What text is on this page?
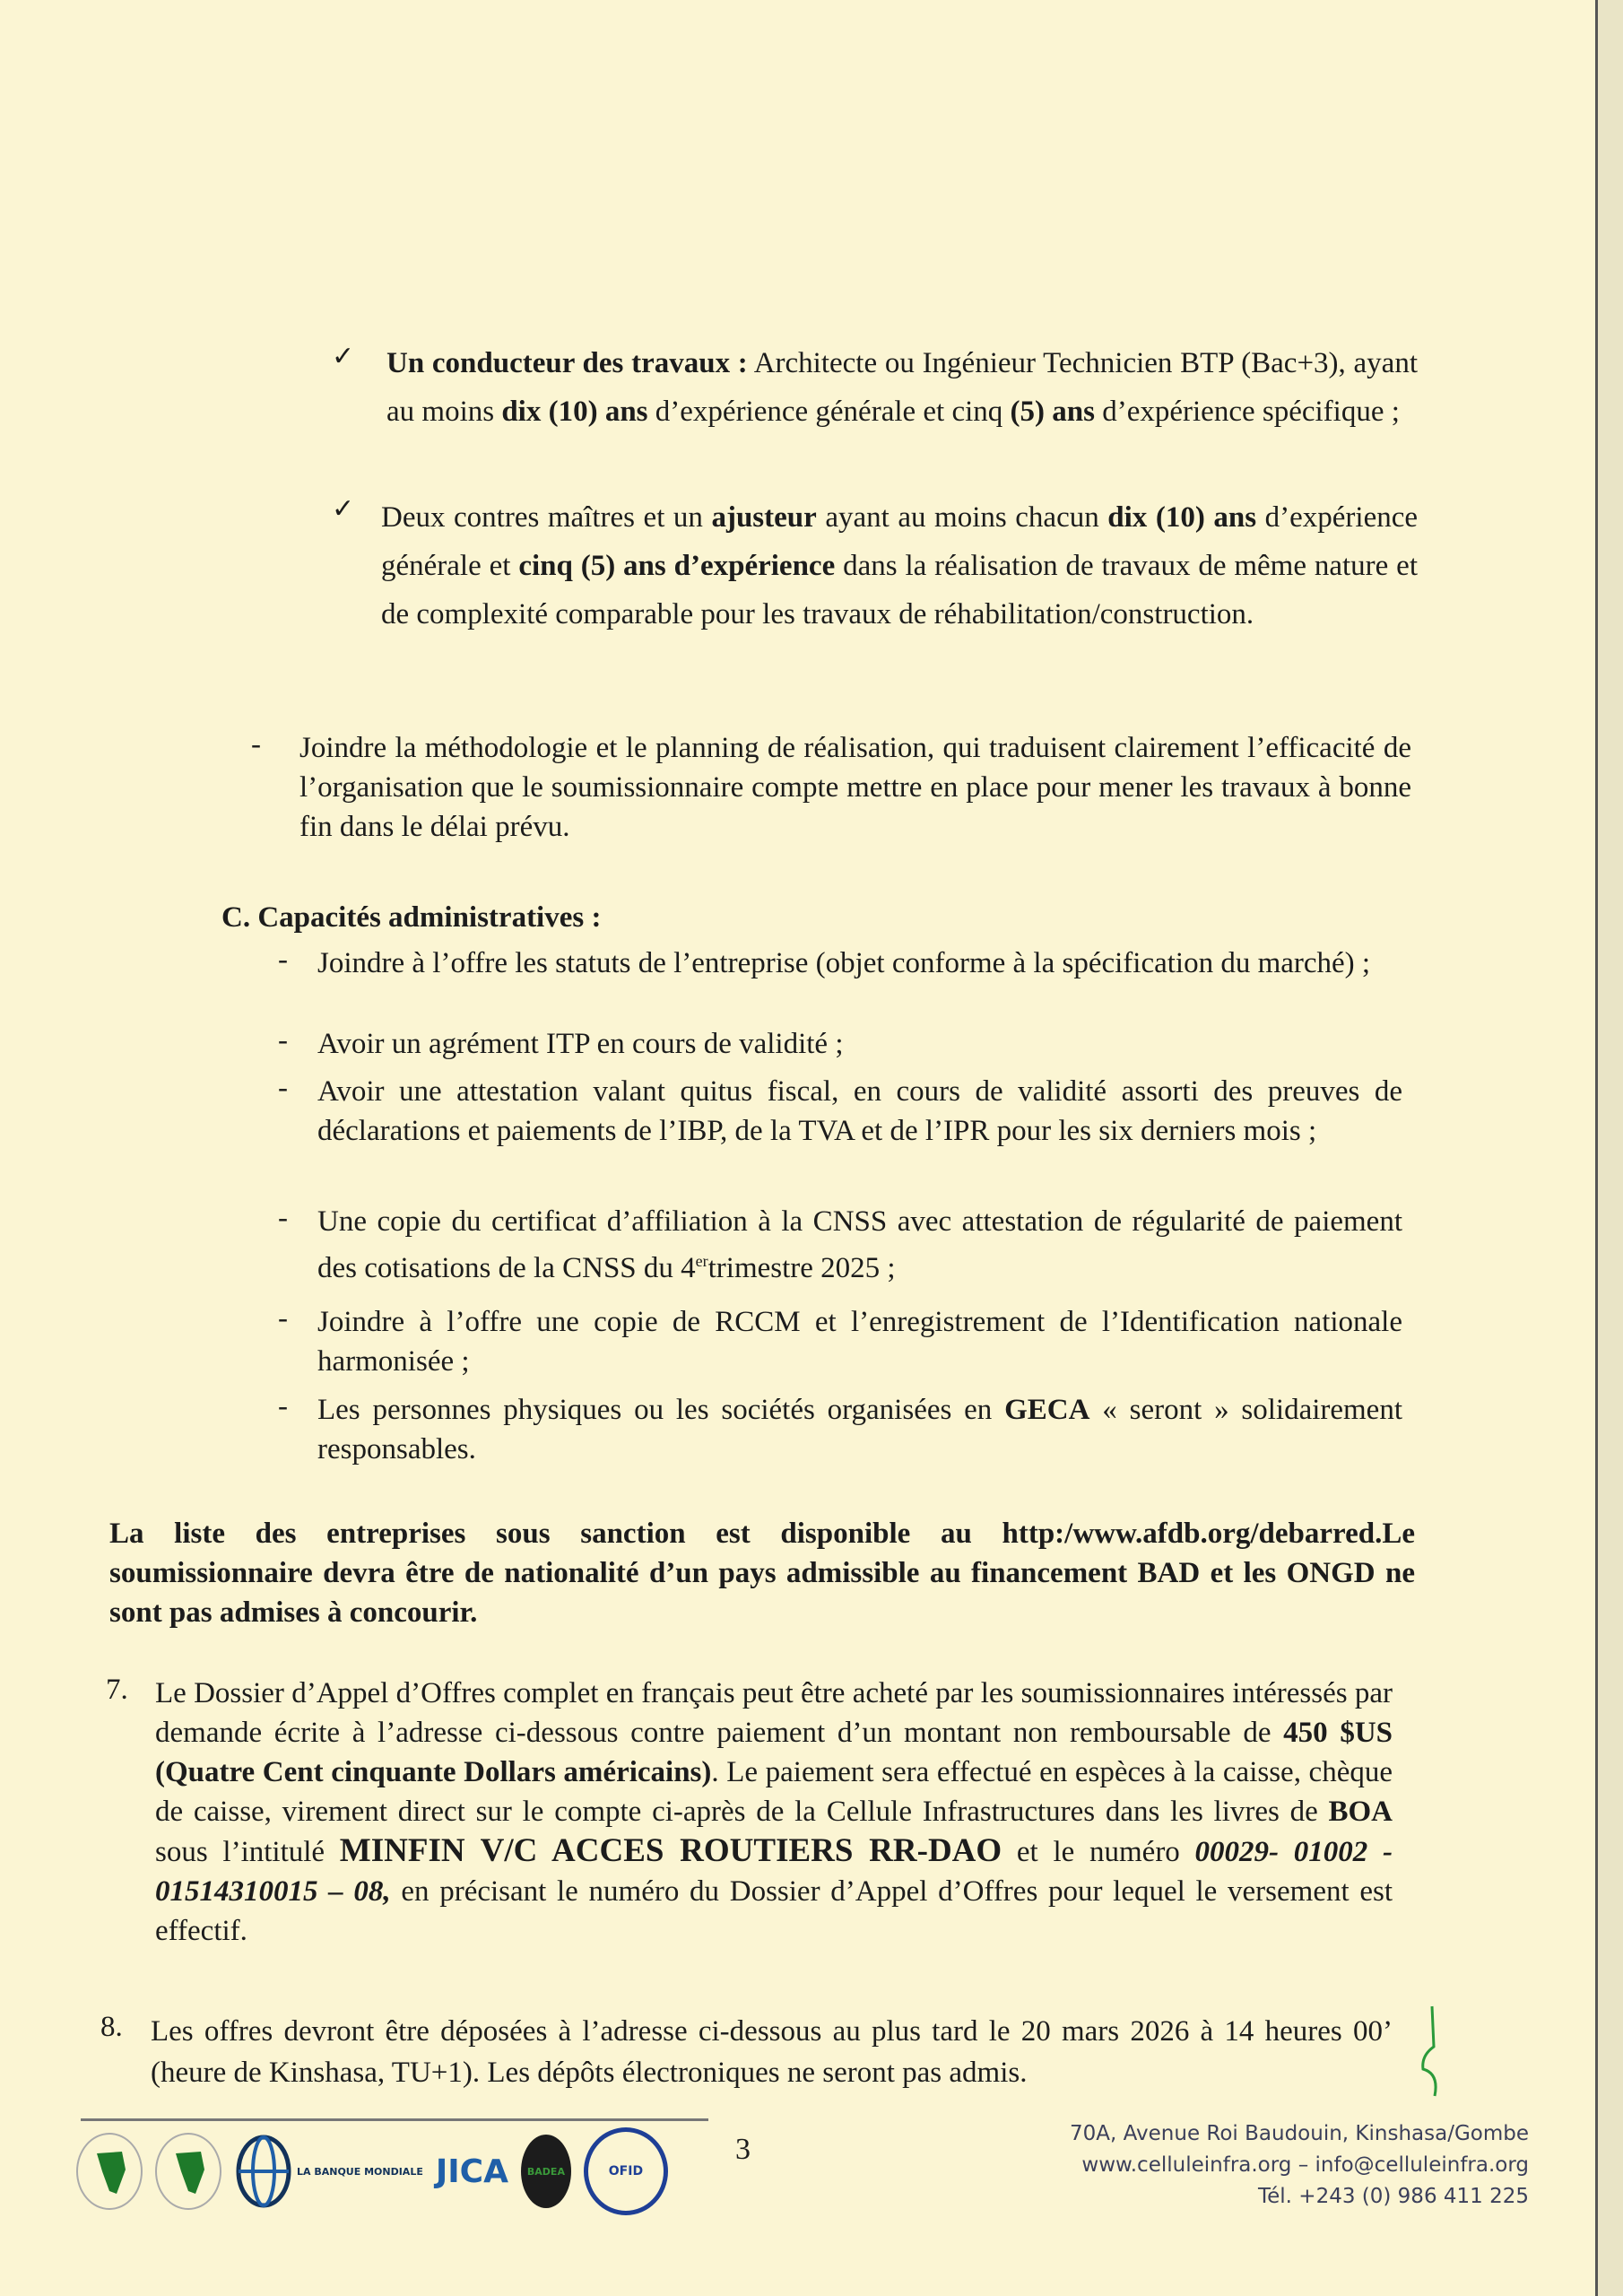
✓ Un conducteur des travaux : Architecte ou Ingénieur Technicien BTP (Bac+3), ayant au moins dix (10) ans d’expérience générale et cinq (5) ans d’expérience spécifique ;
✓ Deux contres maîtres et un ajusteur ayant au moins chacun dix (10) ans d’expérience générale et cinq (5) ans d’expérience dans la réalisation de travaux de même nature et de complexité comparable pour les travaux de réhabilitation/construction.
- Joindre la méthodologie et le planning de réalisation, qui traduisent clairement l’efficacité de l’organisation que le soumissionnaire compte mettre en place pour mener les travaux à bonne fin dans le délai prévu.
C. Capacités administratives :
- Joindre à l’offre les statuts de l’entreprise (objet conforme à la spécification du marché) ;
- Avoir un agrément ITP en cours de validité ;
- Avoir une attestation valant quitus fiscal, en cours de validité assorti des preuves de déclarations et paiements de l’IBP, de la TVA et de l’IPR pour les six derniers mois ;
- Une copie du certificat d’affiliation à la CNSS avec attestation de régularité de paiement des cotisations de la CNSS du 4ertrimestre 2025 ;
- Joindre à l’offre une copie de RCCM et l’enregistrement de l’Identification nationale harmonisée ;
- Les personnes physiques ou les sociétés organisées en GECA « seront » solidairement responsables.
La liste des entreprises sous sanction est disponible au http:/www.afdb.org/debarred.Le soumissionnaire devra être de nationalité d’un pays admissible au financement BAD et les ONGD ne sont pas admises à concourir.
7. Le Dossier d’Appel d’Offres complet en français peut être acheté par les soumissionnaires intéressés par demande écrite à l’adresse ci-dessous contre paiement d’un montant non remboursable de 450 $US (Quatre Cent cinquante Dollars américains). Le paiement sera effectué en espèces à la caisse, chèque de caisse, virement direct sur le compte ci-après de la Cellule Infrastructures dans les livres de BOA sous l’intitulé MINFIN V/C ACCES ROUTIERS RR-DAO et le numéro 00029- 01002 - 01514310015 – 08, en précisant le numéro du Dossier d’Appel d’Offres pour lequel le versement est effectif.
8. Les offres devront être déposées à l’adresse ci-dessous au plus tard le 20 mars 2026 à 14 heures 00’ (heure de Kinshasa, TU+1). Les dépôts électroniques ne seront pas admis.
LA BANQUE MONDIALE JICA BADEA	OFID
3	70A, Avenue Roi Baudouin, Kinshasa/Gombe
www.celluleinfra.org – info@celluleinfra.org
Tél. +243 (0) 986 411 225
